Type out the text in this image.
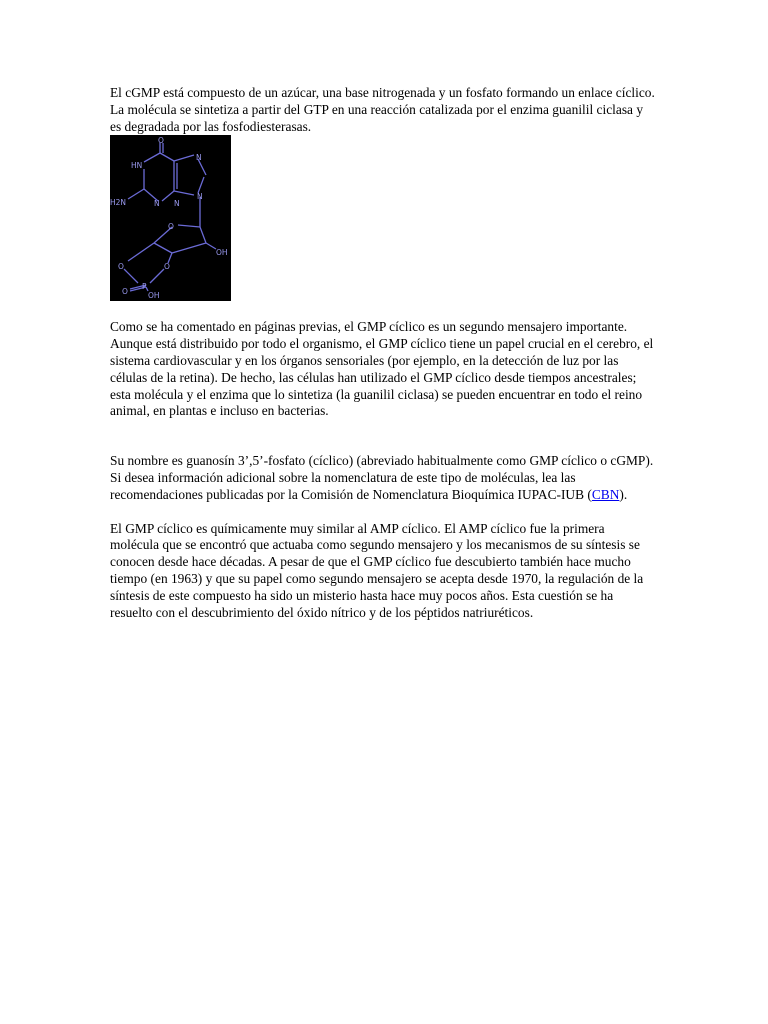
El cGMP está compuesto de un azúcar, una base nitrogenada y un fosfato formando un enlace cíclico. La molécula se sintetiza a partir del GTP en una reacción catalizada por el enzima guanilil ciclasa y es degradada por las fosfodiesterasas.

O
HN
N
N
H2N	N
N
O
OH
O	O
P
O	OH

Como se ha comentado en páginas previas, el GMP cíclico es un segundo mensajero importante. Aunque está distribuido por todo el organismo, el GMP cíclico tiene un papel crucial en el cerebro, el sistema cardiovascular y en los órganos sensoriales (por ejemplo, en la detección de luz por las células de la retina). De hecho, las células han utilizado el GMP cíclico desde tiempos ancestrales; esta molécula y el enzima que lo sintetiza (la guanilil ciclasa) se pueden encuentrar en todo el reino animal, en plantas e incluso en bacterias.

Su nombre es guanosín 3’,5’-fosfato (cíclico) (abreviado habitualmente como GMP cíclico o cGMP). Si desea información adicional sobre la nomenclatura de este tipo de moléculas, lea las recomendaciones publicadas por la Comisión de Nomenclatura Bioquímica IUPAC-IUB (CBN).

El GMP cíclico es químicamente muy similar al AMP cíclico. El AMP cíclico fue la primera molécula que se encontró que actuaba como segundo mensajero y los mecanismos de su síntesis se conocen desde hace décadas. A pesar de que el GMP cíclico fue descubierto también hace mucho tiempo (en 1963) y que su papel como segundo mensajero se acepta desde 1970, la regulación de la síntesis de este compuesto ha sido un misterio hasta hace muy pocos años. Esta cuestión se ha resuelto con el descubrimiento del óxido nítrico y de los péptidos natriuréticos.
